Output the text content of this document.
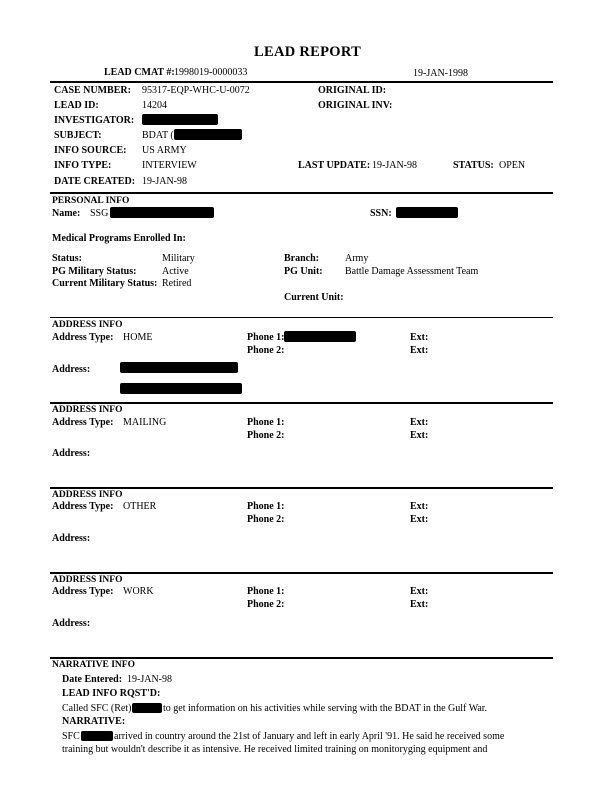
LEAD REPORT
LEAD CMAT #: 1998019-0000033	19-JAN-1998
CASE NUMBER: 95317-EQP-WHC-U-0072	ORIGINAL ID:
LEAD ID:	14204	ORIGINAL INV:
INVESTIGATOR:
SUBJECT:	BDAT (
INFO SOURCE: US ARMY
INFO TYPE:	INTERVIEW	LAST UPDATE: 19-JAN-98	STATUS: OPEN
DATE CREATED: 19-JAN-98
PERSONAL INFO
Name: SSG	SSN:
Medical Programs Enrolled In:
Status:	Military	Branch:	Army
PG Military Status:	Active	PG Unit: Battle Damage Assessment Team
Current Military Status: Retired
Current Unit:
ADDRESS INFO
Address Type: HOME	Phone 1:	Ext:
Phone 2:	Ext:
Address:
ADDRESS INFO
Address Type: MAILING	Phone 1:	Ext:
Phone 2:	Ext:
Address:
ADDRESS INFO
Address Type: OTHER	Phone 1:	Ext:
Phone 2:	Ext:
Address:
ADDRESS INFO
Address Type: WORK	Phone 1:	Ext:
Phone 2:	Ext:
Address:
NARRATIVE INFO
Date Entered: 19-JAN-98
LEAD INFO RQST'D:
Called SFC (Ret)	to get information on his activities while serving with the BDAT in the Gulf War.
NARRATIVE:
SFC	arrived in country around the 21st of January and left in early April '91. He said he received some
training but wouldn't describe it as intensive. He received limited training on monitoryging equipment and
